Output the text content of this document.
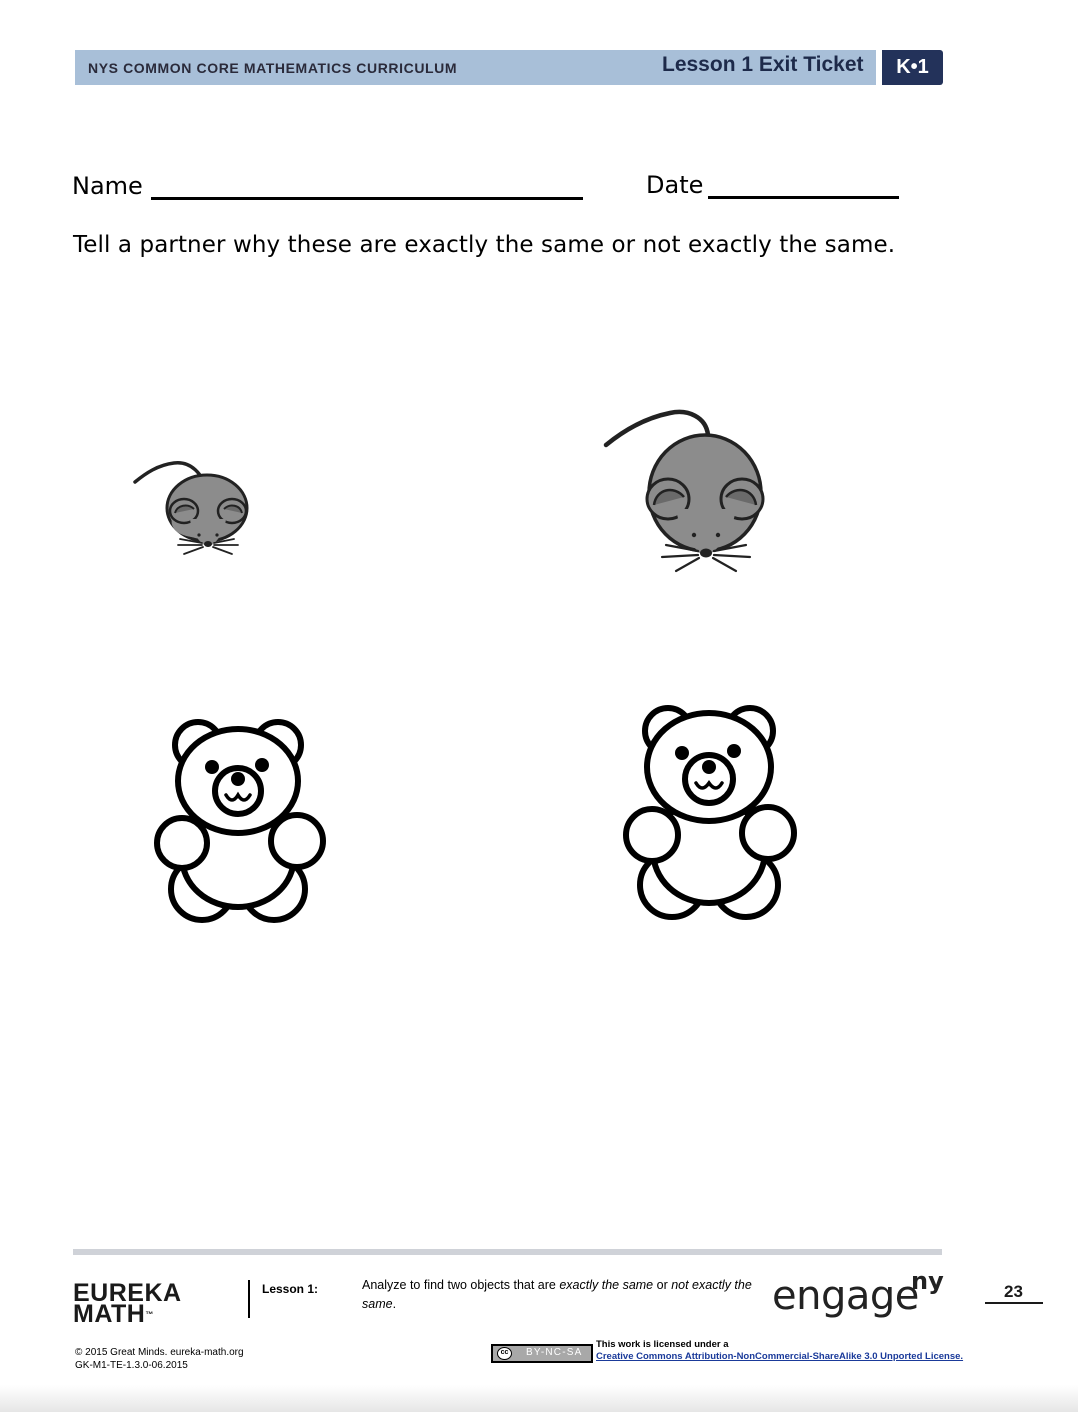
NYS COMMON CORE MATHEMATICS CURRICULUM	Lesson 1 Exit Ticket	K•1
Name	Date
Tell a partner why these are exactly the same or not exactly the same.
EUREKA
MATH™
Lesson 1:	Analyze to find two objects that are exactly the same or not exactly the same.	engage
ny	23
© 2015 Great Minds. eureka-math.org
GK-M1-TE-1.3.0-06.2015
cc	BY-NC-SA
This work is licensed under a
Creative Commons Attribution-NonCommercial-ShareAlike 3.0 Unported License.
